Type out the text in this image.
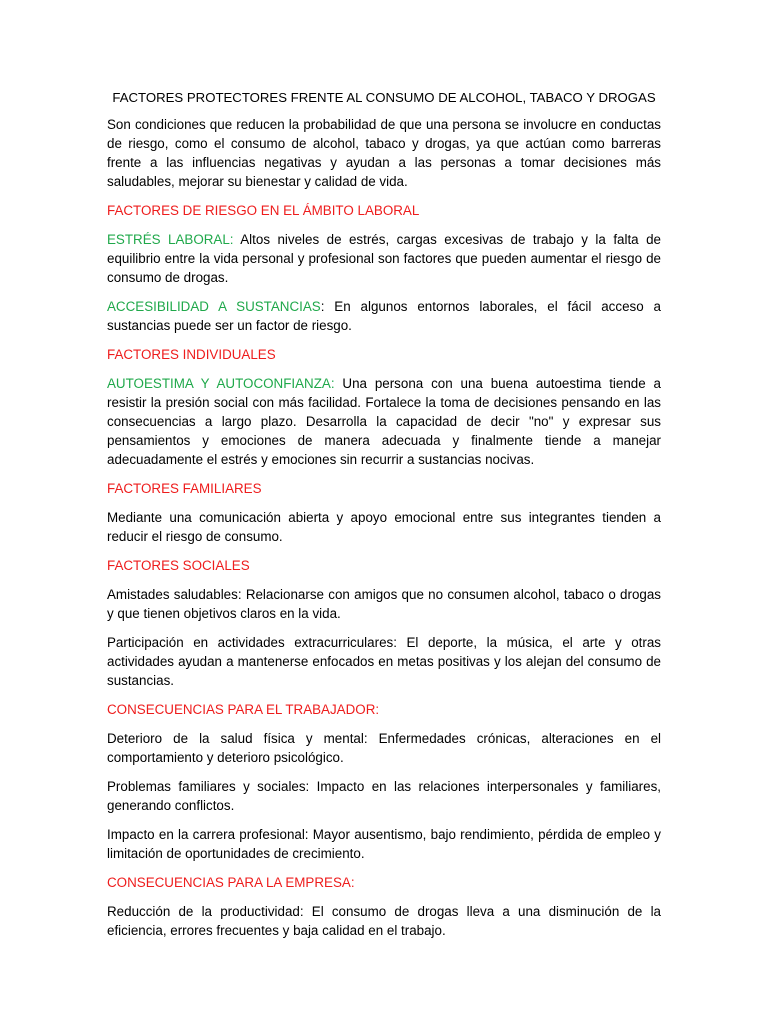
FACTORES PROTECTORES FRENTE AL CONSUMO DE ALCOHOL, TABACO Y DROGAS

Son condiciones que reducen la probabilidad de que una persona se involucre en conductas de riesgo, como el consumo de alcohol, tabaco y drogas, ya que actúan como barreras frente a las influencias negativas y ayudan a las personas a tomar decisiones más saludables, mejorar su bienestar y calidad de vida.

FACTORES DE RIESGO EN EL ÁMBITO LABORAL

ESTRÉS LABORAL: Altos niveles de estrés, cargas excesivas de trabajo y la falta de equilibrio entre la vida personal y profesional son factores que pueden aumentar el riesgo de consumo de drogas.

ACCESIBILIDAD A SUSTANCIAS: En algunos entornos laborales, el fácil acceso a sustancias puede ser un factor de riesgo.

FACTORES INDIVIDUALES

AUTOESTIMA Y AUTOCONFIANZA: Una persona con una buena autoestima tiende a resistir la presión social con más facilidad. Fortalece la toma de decisiones pensando en las consecuencias a largo plazo. Desarrolla la capacidad de decir "no" y expresar sus pensamientos y emociones de manera adecuada y finalmente tiende a manejar adecuadamente el estrés y emociones sin recurrir a sustancias nocivas.

FACTORES FAMILIARES

Mediante una comunicación abierta y apoyo emocional entre sus integrantes tienden a reducir el riesgo de consumo.

FACTORES SOCIALES

Amistades saludables: Relacionarse con amigos que no consumen alcohol, tabaco o drogas y que tienen objetivos claros en la vida.

Participación en actividades extracurriculares: El deporte, la música, el arte y otras actividades ayudan a mantenerse enfocados en metas positivas y los alejan del consumo de sustancias.

CONSECUENCIAS PARA EL TRABAJADOR:

Deterioro de la salud física y mental: Enfermedades crónicas, alteraciones en el comportamiento y deterioro psicológico.

Problemas familiares y sociales: Impacto en las relaciones interpersonales y familiares, generando conflictos.

Impacto en la carrera profesional: Mayor ausentismo, bajo rendimiento, pérdida de empleo y limitación de oportunidades de crecimiento.

CONSECUENCIAS PARA LA EMPRESA:

Reducción de la productividad: El consumo de drogas lleva a una disminución de la eficiencia, errores frecuentes y baja calidad en el trabajo.
